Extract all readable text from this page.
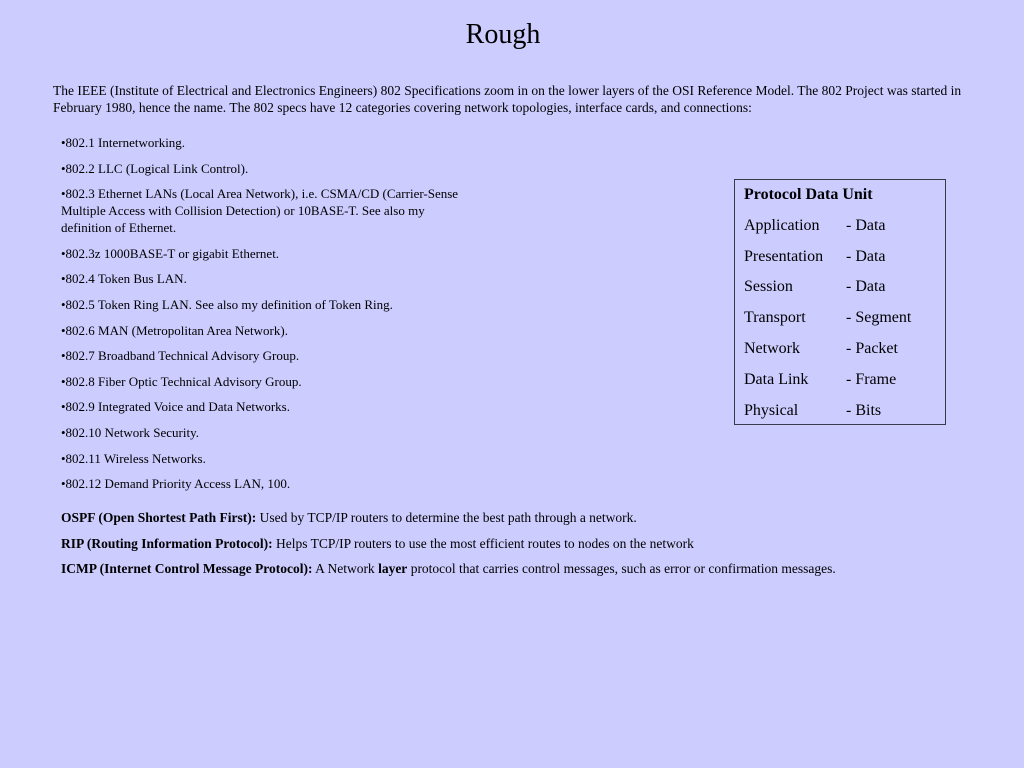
Rough

The IEEE (Institute of Electrical and Electronics Engineers) 802 Specifications zoom in on the lower layers of the OSI Reference Model. The 802 Project was started in February 1980, hence the name. The 802 specs have 12 categories covering network topologies, interface cards, and connections:

•802.1 Internetworking.
•802.2 LLC (Logical Link Control).
•802.3 Ethernet LANs (Local Area Network), i.e. CSMA/CD (Carrier-Sense Multiple Access with Collision Detection) or 10BASE-T. See also my definition of Ethernet.
•802.3z 1000BASE-T or gigabit Ethernet.
•802.4 Token Bus LAN.
•802.5 Token Ring LAN. See also my definition of Token Ring.
•802.6 MAN (Metropolitan Area Network).
•802.7 Broadband Technical Advisory Group.
•802.8 Fiber Optic Technical Advisory Group.
•802.9 Integrated Voice and Data Networks.
•802.10 Network Security.
•802.11 Wireless Networks.
•802.12 Demand Priority Access LAN, 100.
Protocol Data Unit
Application	- Data
Presentation	- Data
Session	- Data
Transport	- Segment
Network	- Packet
Data Link	- Frame
Physical	- Bits

OSPF (Open Shortest Path First): Used by TCP/IP routers to determine the best path through a network.

RIP (Routing Information Protocol): Helps TCP/IP routers to use the most efficient routes to nodes on the network

ICMP (Internet Control Message Protocol): A Network layer protocol that carries control messages, such as error or confirmation messages.
